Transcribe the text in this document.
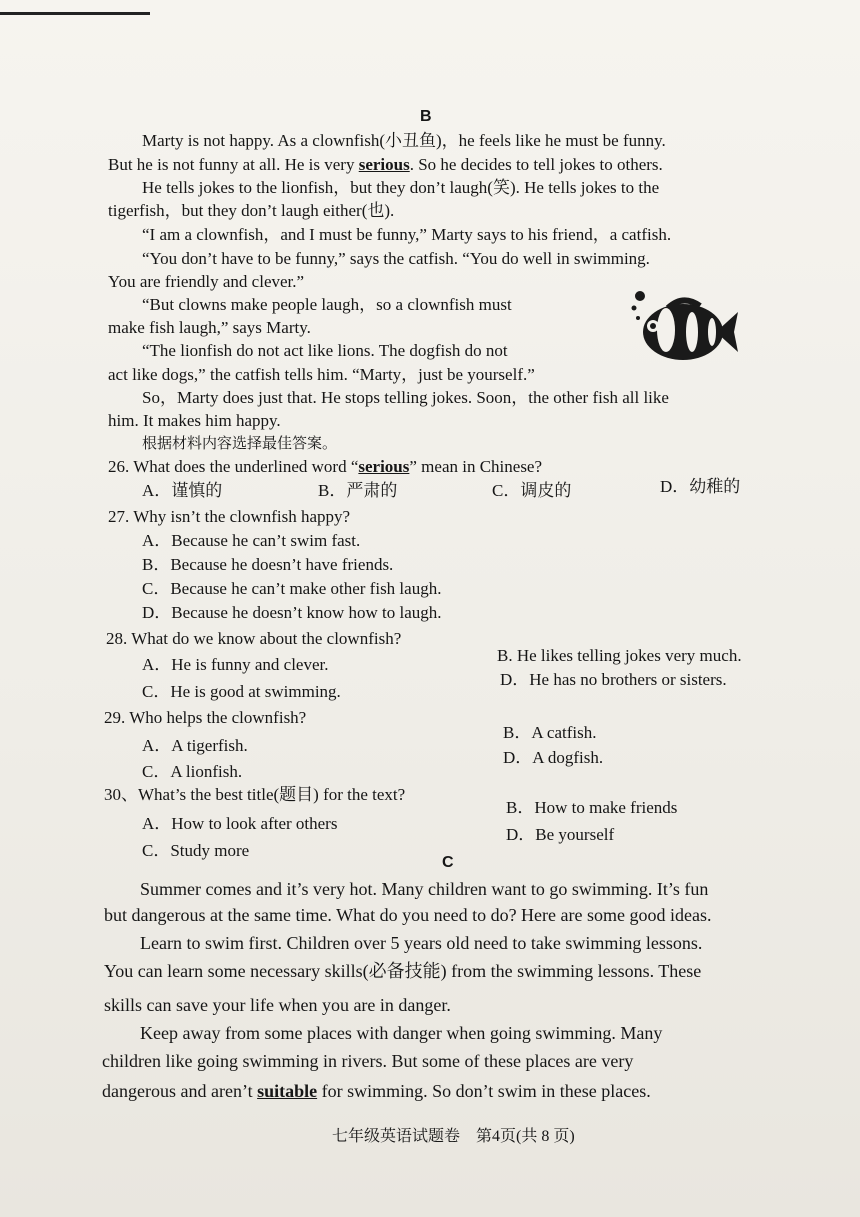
B
Marty is not happy. As a clownfish(小丑鱼)，he feels like he must be funny.
But he is not funny at all. He is very serious. So he decides to tell jokes to others.
He tells jokes to the lionfish，but they don’t laugh(笑). He tells jokes to the
tigerfish，but they don’t laugh either(也).
“I am a clownfish，and I must be funny,” Marty says to his friend，a catfish.
“You don’t have to be funny,” says the catfish. “You do well in swimming.
You are friendly and clever.”
“But clowns make people laugh，so a clownfish must
make fish laugh,” says Marty.
“The lionfish do not act like lions. The dogfish do not
act like dogs,” the catfish tells him. “Marty，just be yourself.”
So，Marty does just that. He stops telling jokes. Soon，the other fish all like
him. It makes him happy.
根据材料内容选择最佳答案。
26. What does the underlined word “serious” mean in Chinese?
A．谨慎的	B．严肃的	C．调皮的	D．幼稚的
27. Why isn’t the clownfish happy?
A．Because he can’t swim fast.
B．Because he doesn’t have friends.
C．Because he can’t make other fish laugh.
D．Because he doesn’t know how to laugh.
28. What do we know about the clownfish?
A．He is funny and clever.	B. He likes telling jokes very much.
C．He is good at swimming.
D．He has no brothers or sisters.
29. Who helps the clownfish?
A．A tigerfish.
B．A catfish.
C．A lionfish.
D．A dogfish.
30、What’s the best title(题目) for the text?
A．How to look after others
B．How to make friends
C．Study more
D．Be yourself
C
Summer comes and it’s very hot. Many children want to go swimming. It’s fun
but dangerous at the same time. What do you need to do? Here are some good ideas.
Learn to swim first. Children over 5 years old need to take swimming lessons.
You can learn some necessary skills(必备技能) from the swimming lessons. These
skills can save your life when you are in danger.
Keep away from some places with danger when going swimming. Many
children like going swimming in rivers. But some of these places are very
dangerous and aren’t suitable for swimming. So don’t swim in these places.
七年级英语试题卷　第4页(共 8 页)
